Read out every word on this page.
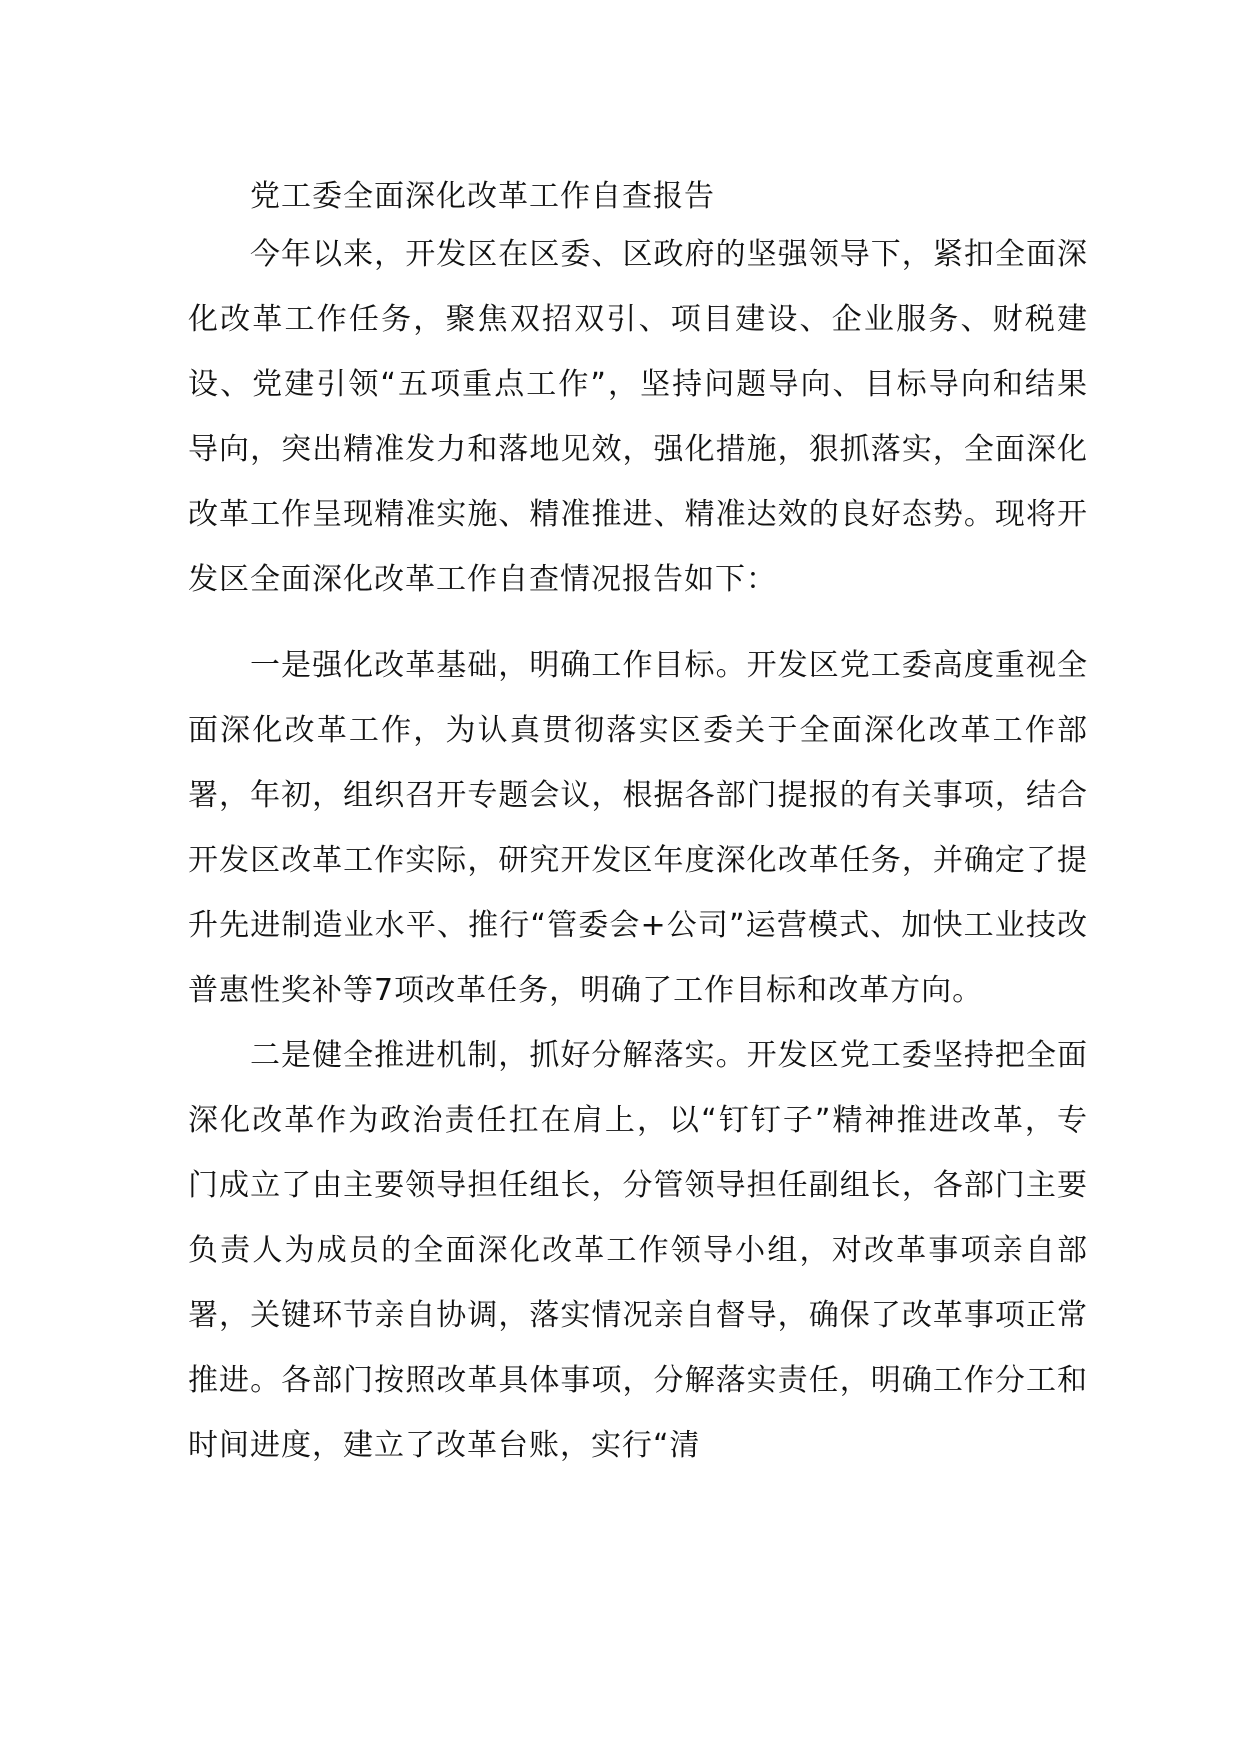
党工委全面深化改革工作自查报告

今年以来，开发区在区委、区政府的坚强领导下，紧扣全面深化改革工作任务，聚焦双招双引、项目建设、企业服务、财税建设、党建引领“五项重点工作”，坚持问题导向、目标导向和结果导向，突出精准发力和落地见效，强化措施，狠抓落实，全面深化改革工作呈现精准实施、精准推进、精准达效的良好态势。现将开发区全面深化改革工作自查情况报告如下：

一是强化改革基础，明确工作目标。开发区党工委高度重视全面深化改革工作，为认真贯彻落实区委关于全面深化改革工作部署，年初，组织召开专题会议，根据各部门提报的有关事项，结合开发区改革工作实际，研究开发区年度深化改革任务，并确定了提升先进制造业水平、推行“管委会+公司”运营模式、加快工业技改普惠性奖补等7项改革任务，明确了工作目标和改革方向。

二是健全推进机制，抓好分解落实。开发区党工委坚持把全面深化改革作为政治责任扛在肩上，以“钉钉子”精神推进改革，专门成立了由主要领导担任组长，分管领导担任副组长，各部门主要负责人为成员的全面深化改革工作领导小组，对改革事项亲自部署，关键环节亲自协调，落实情况亲自督导，确保了改革事项正常推进。各部门按照改革具体事项，分解落实责任，明确工作分工和时间进度，建立了改革台账，实行“清
